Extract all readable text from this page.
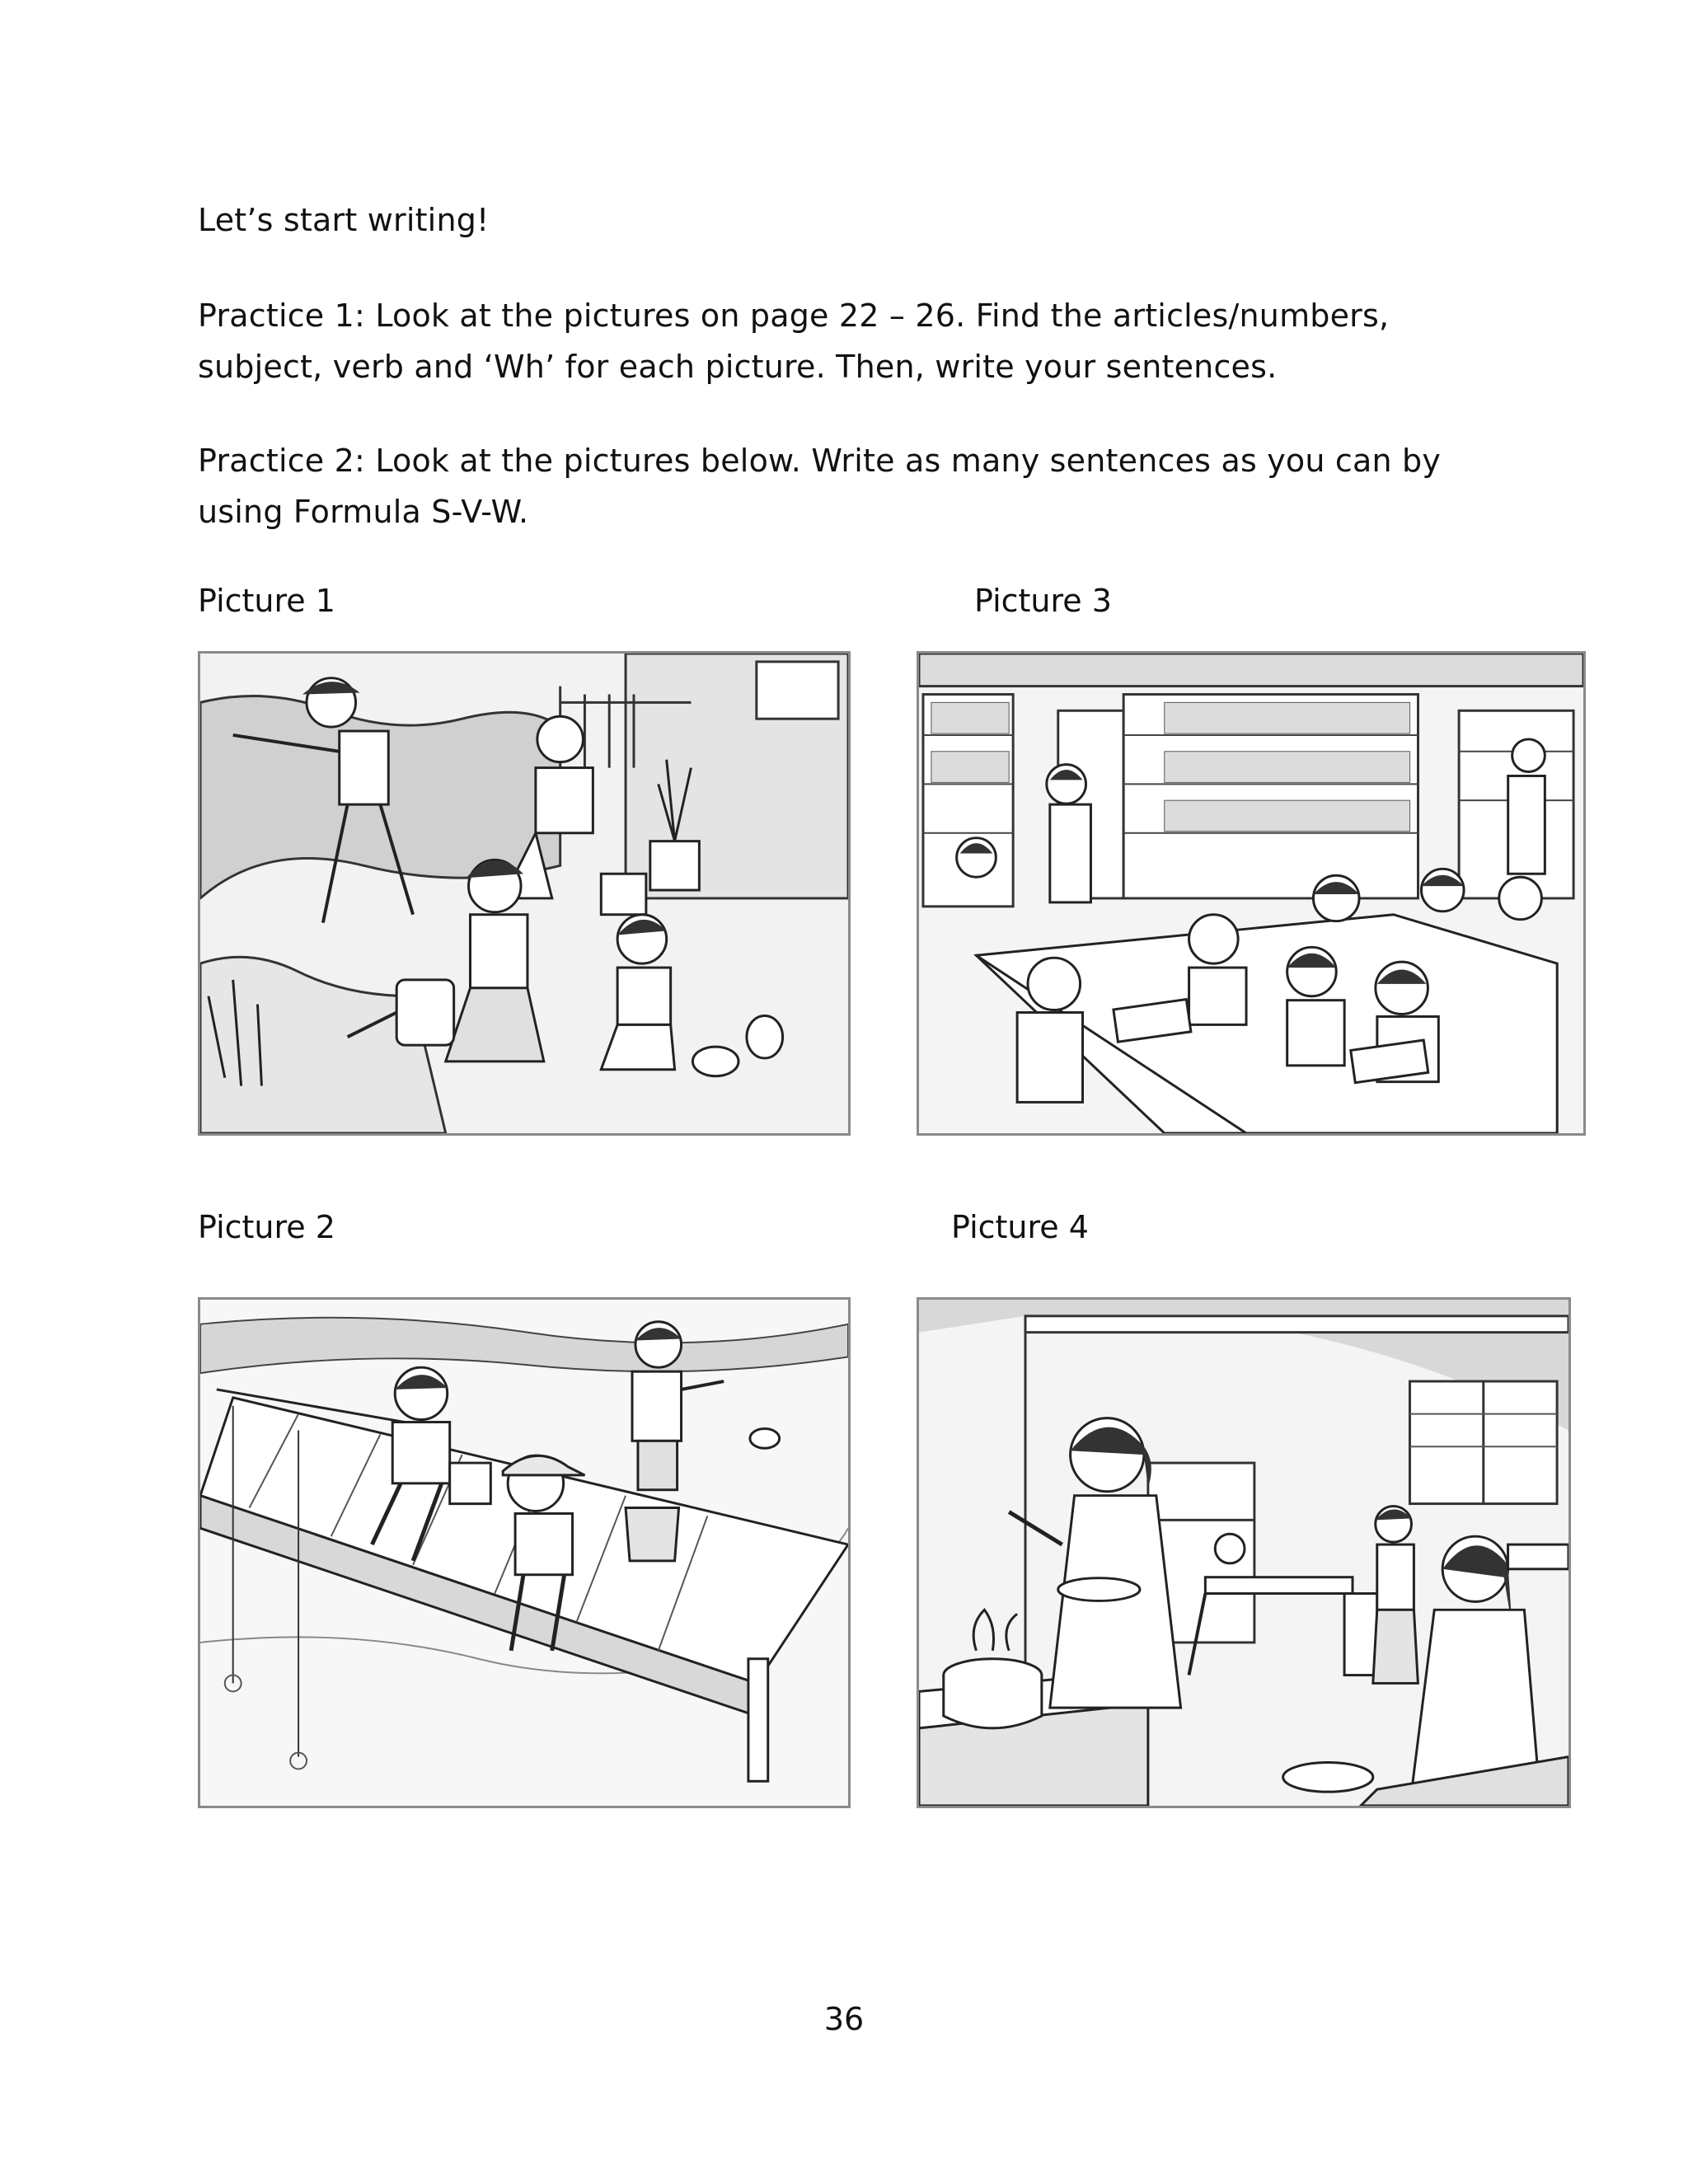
Let’s start writing!
Practice 1: Look at the pictures on page 22 – 26. Find the articles/numbers, subject, verb and ‘Wh’ for each picture. Then, write your sentences.
Practice 2: Look at the pictures below. Write as many sentences as you can by using Formula S-V-W.
Picture 1	Picture 3
Picture 2	Picture 4
36
